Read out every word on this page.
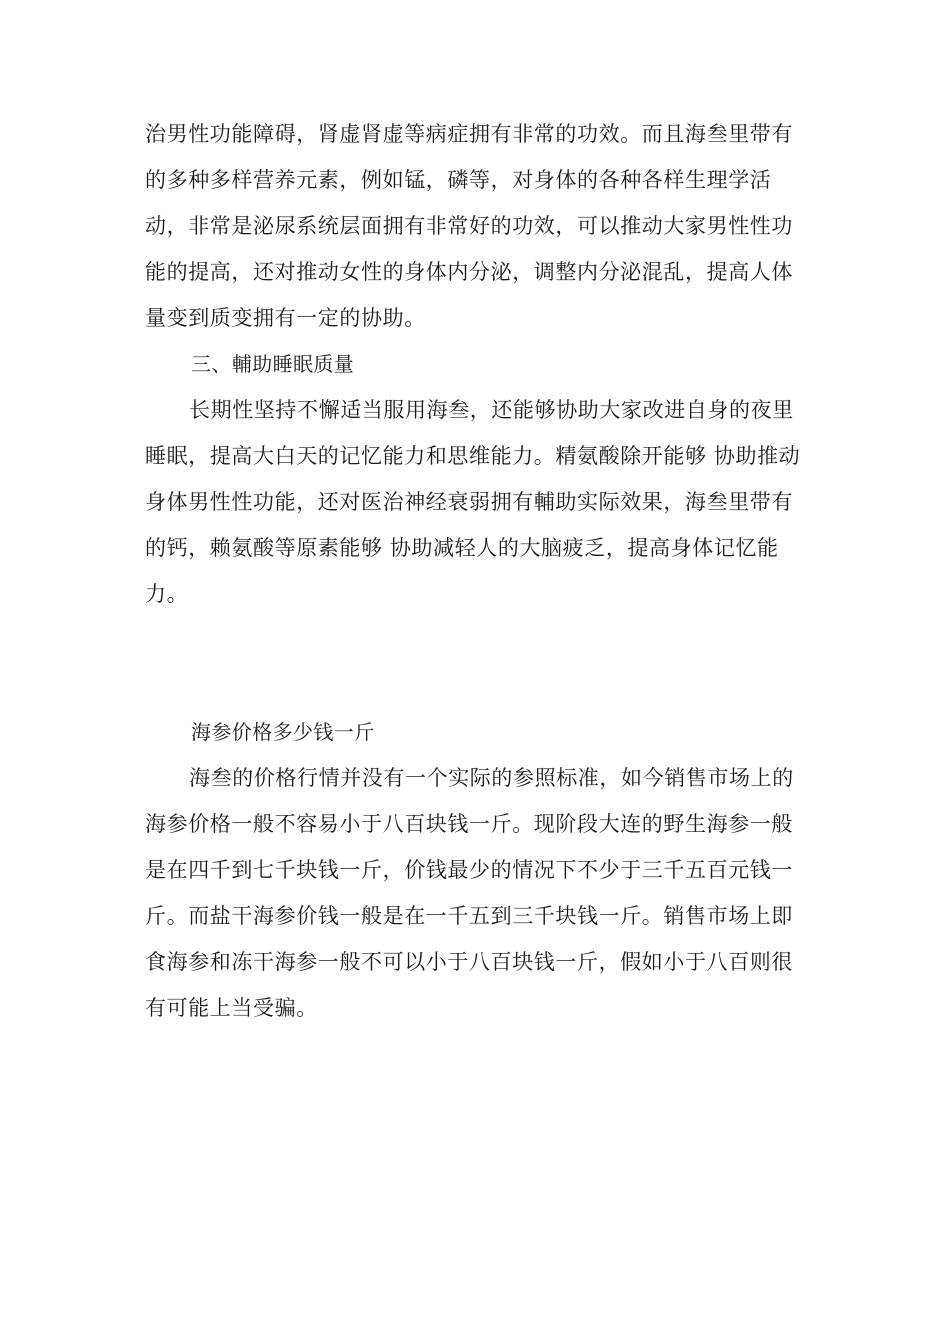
治男性功能障碍，肾虚肾虚等病症拥有非常的功效。而且海叁里带有的多种多样营养元素，例如锰，磷等，对身体的各种各样生理学活动，非常是泌尿系统层面拥有非常好的功效，可以推动大家男性性功能的提高，还对推动女性的身体内分泌，调整内分泌混乱，提高人体量变到质变拥有一定的协助。

三、輔助睡眠质量

长期性坚持不懈适当服用海叁，还能够协助大家改进自身的夜里睡眠，提高大白天的记忆能力和思维能力。精氨酸除开能够 协助推动身体男性性功能，还对医治神经衰弱拥有輔助实际效果，海叁里带有的钙，赖氨酸等原素能够 协助减轻人的大脑疲乏，提高身体记忆能力。

海参价格多少钱一斤

海叁的价格行情并没有一个实际的参照标准，如今销售市场上的海参价格一般不容易小于八百块钱一斤。现阶段大连的野生海参一般是在四千到七千块钱一斤，价钱最少的情况下不少于三千五百元钱一斤。而盐干海参价钱一般是在一千五到三千块钱一斤。销售市场上即食海参和冻干海参一般不可以小于八百块钱一斤，假如小于八百则很有可能上当受骗。
